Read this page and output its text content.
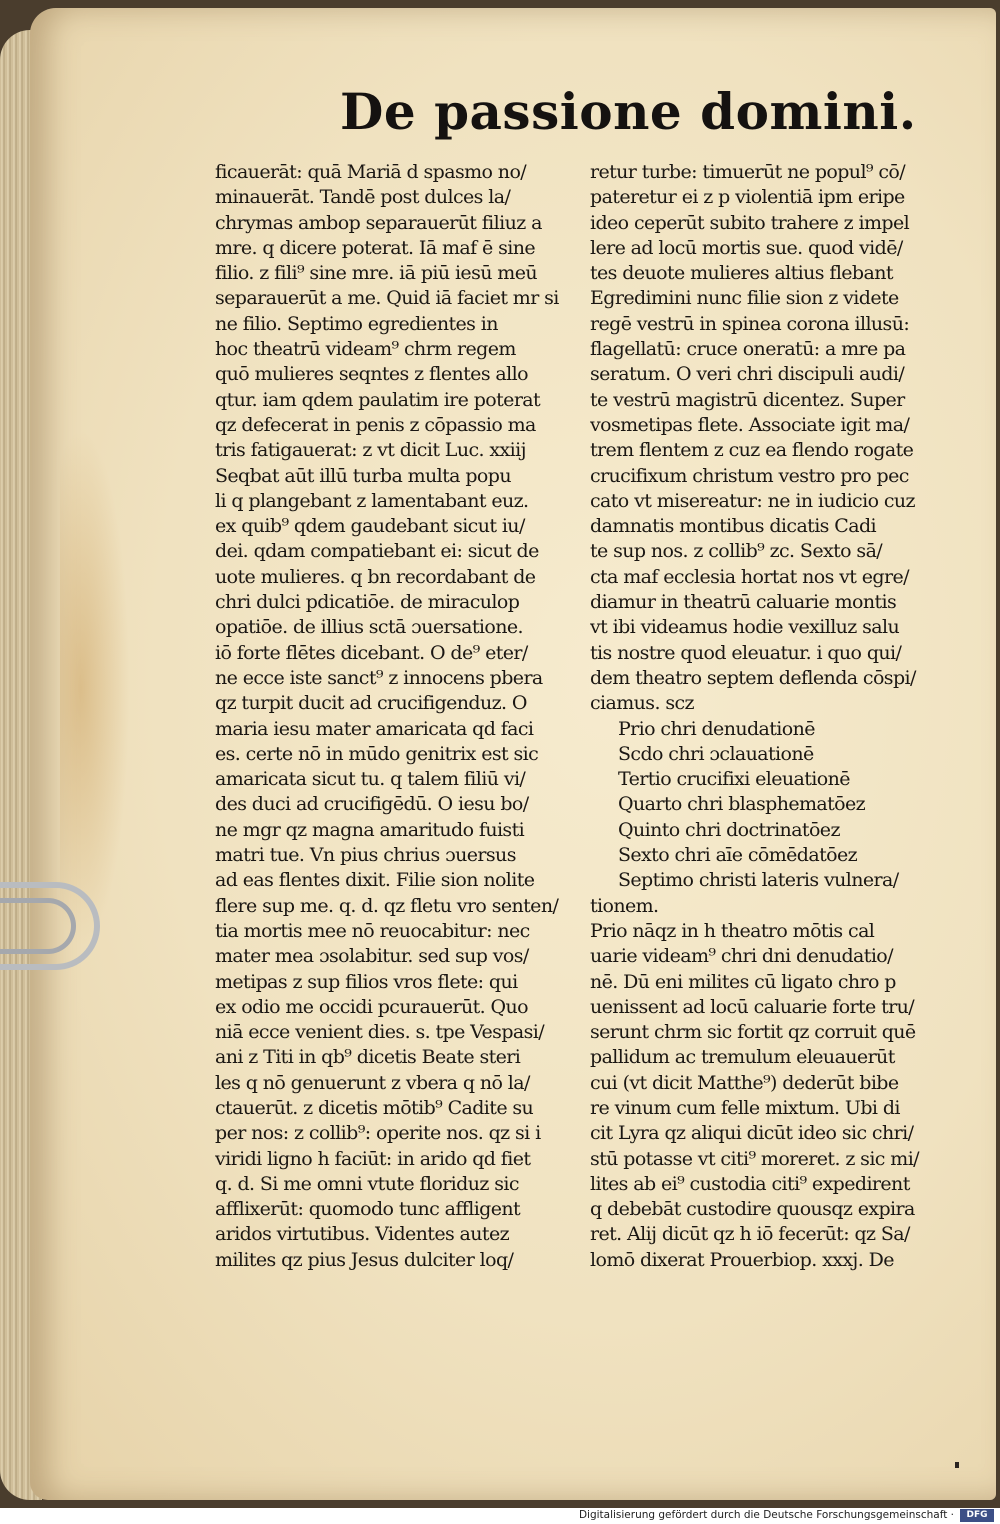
De passione domini.
ficauerāt: quā Mariā d spasmo no/
minauerāt. Tandē post dulces la/
chrymas ambop separauerūt filiuz a
mre. q dicere poterat. Iā maf ē sine
filio. z fili⁹ sine mre. iā piū iesū meū
separauerūt a me. Quid iā faciet mr si
ne filio. Septimo egredientes in
hoc theatrū videam⁹ chrm regem
quō mulieres seqntes z flentes allo
qtur. iam qdem paulatim ire poterat
qz defecerat in penis z cōpassio ma
tris fatigauerat: z vt dicit Luc. xxiij
Seqbat aūt illū turba multa popu
li q plangebant z lamentabant euz.
ex quib⁹ qdem gaudebant sicut iu/
dei. qdam compatiebant ei: sicut de
uote mulieres. q bn recordabant de
chri dulci pdicatiōe. de miraculop
opatiōe. de illius sctā ɔuersatione.
iō forte flētes dicebant. O de⁹ eter/
ne ecce iste sanct⁹ z innocens pbera
qz turpit ducit ad crucifigenduz. O
maria iesu mater amaricata qd faci
es. certe nō in mūdo genitrix est sic
amaricata sicut tu. q talem filiū vi/
des duci ad crucifigēdū. O iesu bo/
ne mgr qz magna amaritudo fuisti
matri tue. Vn pius chrius ɔuersus
ad eas flentes dixit. Filie sion nolite
flere sup me. q. d. qz fletu vro senten/
tia mortis mee nō reuocabitur: nec
mater mea ɔsolabitur. sed sup vos/
metipas z sup filios vros flete: qui
ex odio me occidi pcurauerūt. Quo
niā ecce venient dies. s. tpe Vespasi/
ani z Titi in qb⁹ dicetis Beate steri
les q nō genuerunt z vbera q nō la/
ctauerūt. z dicetis mōtib⁹ Cadite su
per nos: z collib⁹: operite nos. qz si i
viridi ligno h faciūt: in arido qd fiet
q. d. Si me omni vtute floriduz sic
afflixerūt: quomodo tunc affligent
aridos virtutibus. Videntes autez
milites qz pius Jesus dulciter loq/
retur turbe: timuerūt ne popul⁹ cō/
pateretur ei z p violentiā ipm eripe
ideo ceperūt subito trahere z impel
lere ad locū mortis sue. quod vidē/
tes deuote mulieres altius flebant
Egredimini nunc filie sion z videte
regē vestrū in spinea corona illusū:
flagellatū: cruce oneratū: a mre pa
seratum. O veri chri discipuli audi/
te vestrū magistrū dicentez. Super
vosmetipas flete. Associate igit ma/
trem flentem z cuz ea flendo rogate
crucifixum christum vestro pro pec
cato vt misereatur: ne in iudicio cuz
damnatis montibus dicatis Cadi
te sup nos. z collib⁹ zc. Sexto sā/
cta maf ecclesia hortat nos vt egre/
diamur in theatrū caluarie montis
vt ibi videamus hodie vexilluz salu
tis nostre quod eleuatur. i quo qui/
dem theatro septem deflenda cōspi/
ciamus. scz
Prio chri denudationē
Scdo chri ɔclauationē
Tertio crucifixi eleuationē
Quarto chri blasphematōez
Quinto chri doctrinatōez
Sexto chri aīe cōmēdatōez
Septimo christi lateris vulnera/
tionem.
Prio nāqz in h theatro mōtis cal
uarie videam⁹ chri dni denudatio/
nē. Dū eni milites cū ligato chro p
uenissent ad locū caluarie forte tru/
serunt chrm sic fortit qz corruit quē
pallidum ac tremulum eleuauerūt
cui (vt dicit Matthe⁹) dederūt bibe
re vinum cum felle mixtum. Ubi di
cit Lyra qz aliqui dicūt ideo sic chri/
stū potasse vt citi⁹ moreret. z sic mi/
lites ab ei⁹ custodia citi⁹ expedirent
q debebāt custodire quousqz expira
ret. Alij dicūt qz h iō fecerūt: qz Sa/
lomō dixerat Prouerbiop. xxxj. De
Digitalisierung gefördert durch die Deutsche Forschungsgemeinschaft ·	DFG
